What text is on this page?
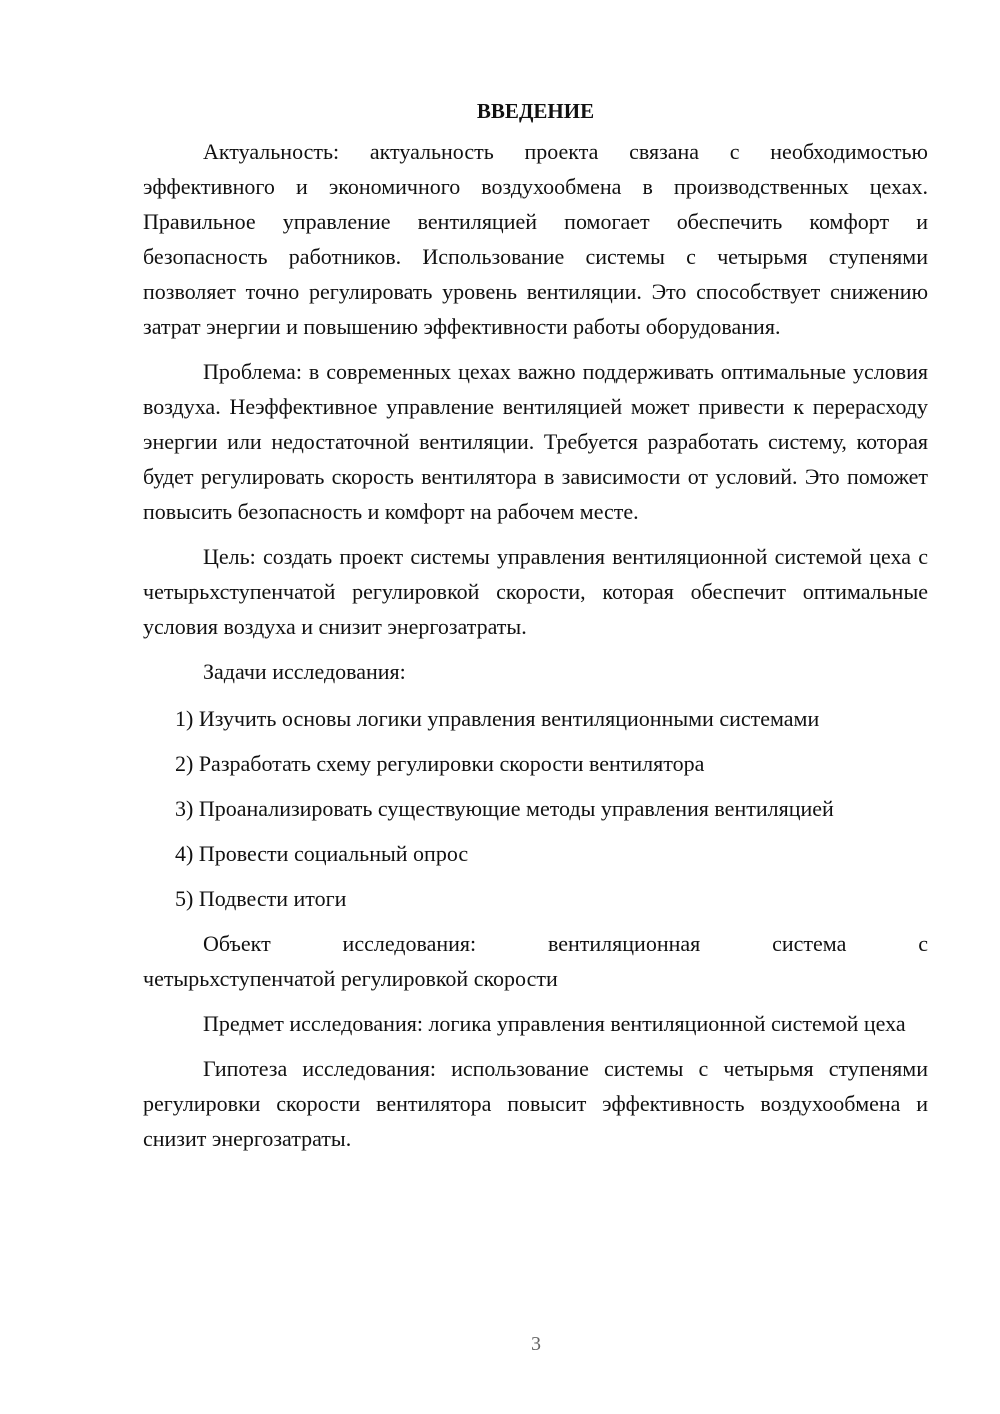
ВВЕДЕНИЕ

Актуальность: актуальность проекта связана с необходимостью эффективного и экономичного воздухообмена в производственных цехах. Правильное управление вентиляцией помогает обеспечить комфорт и безопасность работников. Использование системы с четырьмя ступенями позволяет точно регулировать уровень вентиляции. Это способствует снижению затрат энергии и повышению эффективности работы оборудования.

Проблема: в современных цехах важно поддерживать оптимальные условия воздуха. Неэффективное управление вентиляцией может привести к перерасходу энергии или недостаточной вентиляции. Требуется разработать систему, которая будет регулировать скорость вентилятора в зависимости от условий. Это поможет повысить безопасность и комфорт на рабочем месте.

Цель: создать проект системы управления вентиляционной системой цеха с четырьхступенчатой регулировкой скорости, которая обеспечит оптимальные условия воздуха и снизит энергозатраты.

Задачи исследования:

1) Изучить основы логики управления вентиляционными системами
2) Разработать схему регулировки скорости вентилятора
3) Проанализировать существующие методы управления вентиляцией
4) Провести социальный опрос
5) Подвести итоги
Объект	исследования:	вентиляционная	система	с
четырьхступенчатой регулировкой скорости

Предмет исследования: логика управления вентиляционной системой цеха

Гипотеза исследования: использование системы с четырьмя ступенями регулировки скорости вентилятора повысит эффективность воздухообмена и снизит энергозатраты.

3
